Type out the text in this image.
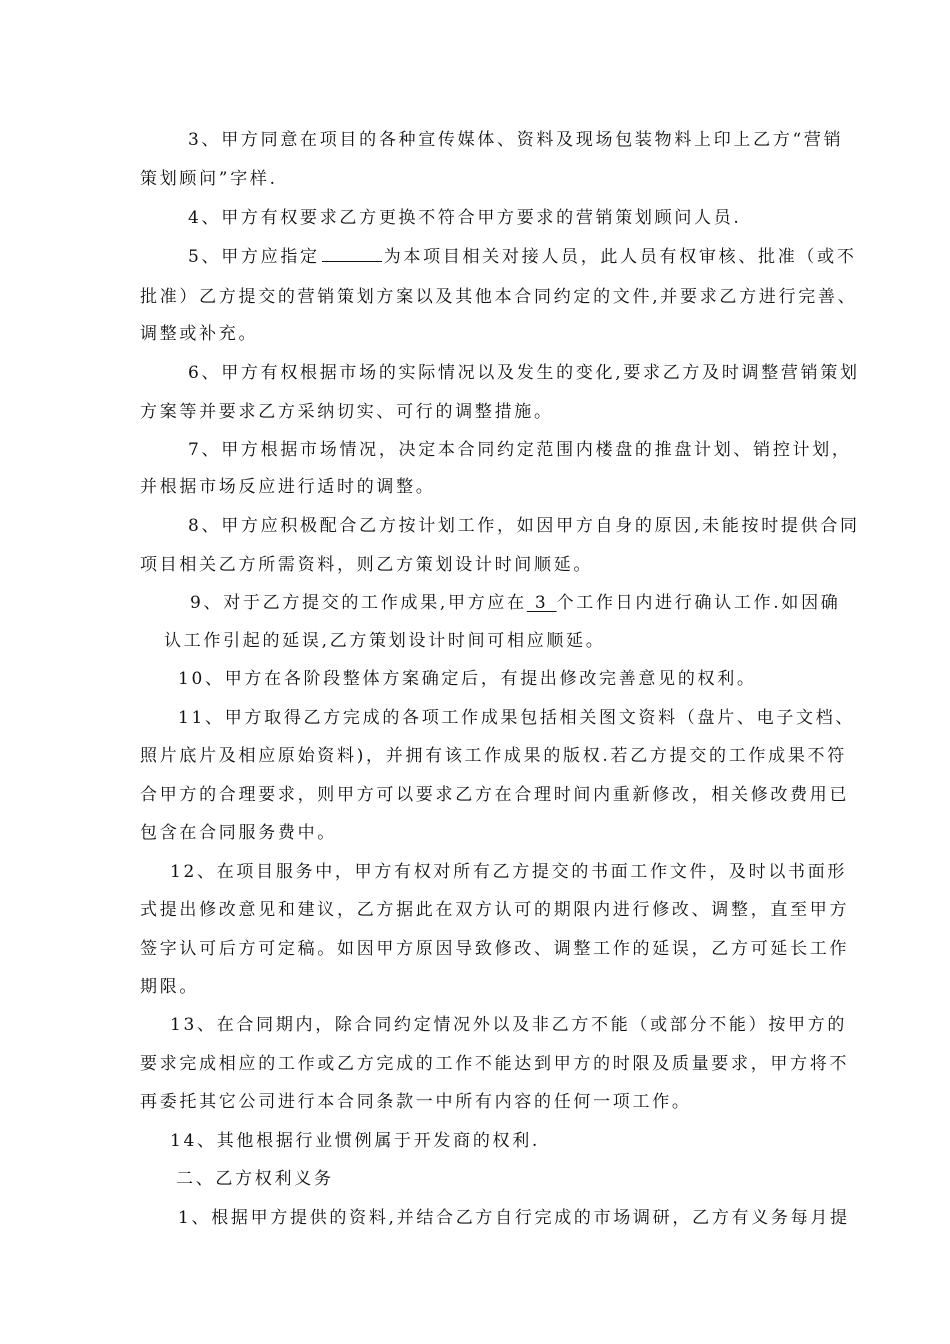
3、甲方同意在项目的各种宣传媒体、资料及现场包装物料上印上乙方“营销
策划顾问”字样.
4、甲方有权要求乙方更换不符合甲方要求的营销策划顾问人员.
5、甲方应指定	为本项目相关对接人员，此人员有权审核、批准（或不
批准）乙方提交的营销策划方案以及其他本合同约定的文件,并要求乙方进行完善、
调整或补充。
6、甲方有权根据市场的实际情况以及发生的变化,要求乙方及时调整营销策划
方案等并要求乙方采纳切实、可行的调整措施。
7、甲方根据市场情况，决定本合同约定范围内楼盘的推盘计划、销控计划，
并根据市场反应进行适时的调整。
8、甲方应积极配合乙方按计划工作，如因甲方自身的原因,未能按时提供合同
项目相关乙方所需资料，则乙方策划设计时间顺延。
9、对于乙方提交的工作成果,甲方应在 3 个工作日内进行确认工作.如因确
认工作引起的延误,乙方策划设计时间可相应顺延。
10、甲方在各阶段整体方案确定后，有提出修改完善意见的权利。
11、甲方取得乙方完成的各项工作成果包括相关图文资料（盘片、电子文档、
照片底片及相应原始资料)，并拥有该工作成果的版权.若乙方提交的工作成果不符
合甲方的合理要求，则甲方可以要求乙方在合理时间内重新修改，相关修改费用已
包含在合同服务费中。
12、在项目服务中，甲方有权对所有乙方提交的书面工作文件，及时以书面形
式提出修改意见和建议，乙方据此在双方认可的期限内进行修改、调整，直至甲方
签字认可后方可定稿。如因甲方原因导致修改、调整工作的延误，乙方可延长工作
期限。
13、在合同期内，除合同约定情况外以及非乙方不能（或部分不能）按甲方的
要求完成相应的工作或乙方完成的工作不能达到甲方的时限及质量要求，甲方将不
再委托其它公司进行本合同条款一中所有内容的任何一项工作。
14、其他根据行业惯例属于开发商的权利.
二、乙方权利义务
1、根据甲方提供的资料,并结合乙方自行完成的市场调研，乙方有义务每月提
